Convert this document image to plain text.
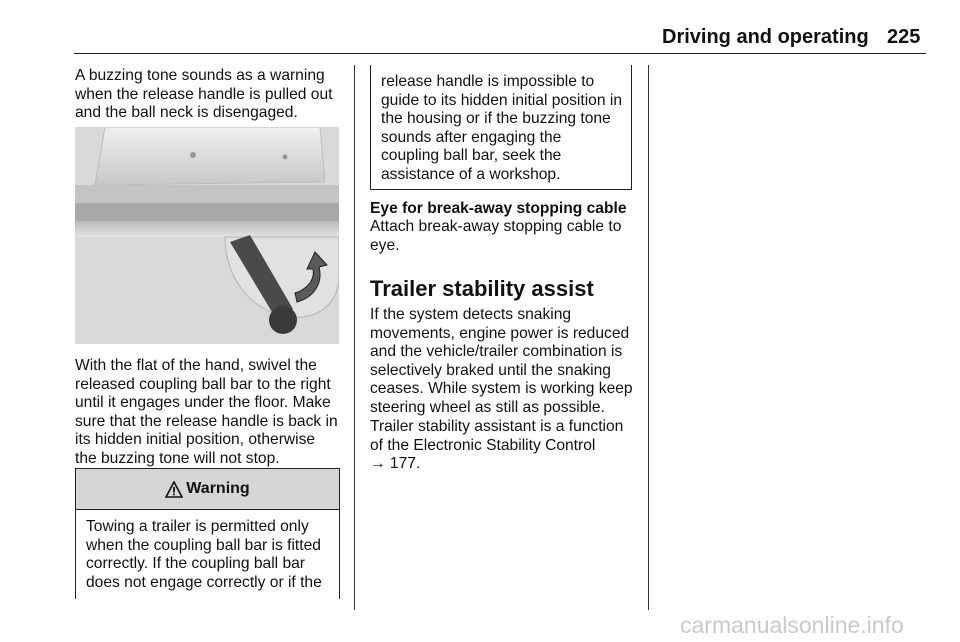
Driving and operating 225

A buzzing tone sounds as a warning when the release handle is pulled out and the ball neck is disengaged.

With the flat of the hand, swivel the released coupling ball bar to the right until it engages under the floor. Make sure that the release handle is back in its hidden initial position, otherwise the buzzing tone will not stop.

Warning
Towing a trailer is permitted only when the coupling ball bar is fitted correctly. If the coupling ball bar does not engage correctly or if the
release handle is impossible to guide to its hidden initial position in the housing or if the buzzing tone sounds after engaging the coupling ball bar, seek the assistance of a workshop.
Eye for break-away stopping cable

Attach break-away stopping cable to eye.

Trailer stability assist

If the system detects snaking movements, engine power is reduced and the vehicle/trailer combination is selectively braked until the snaking ceases. While system is working keep steering wheel as still as possible.

Trailer stability assistant is a function of the Electronic Stability Control
→ 177.

carmanualsonline.info
